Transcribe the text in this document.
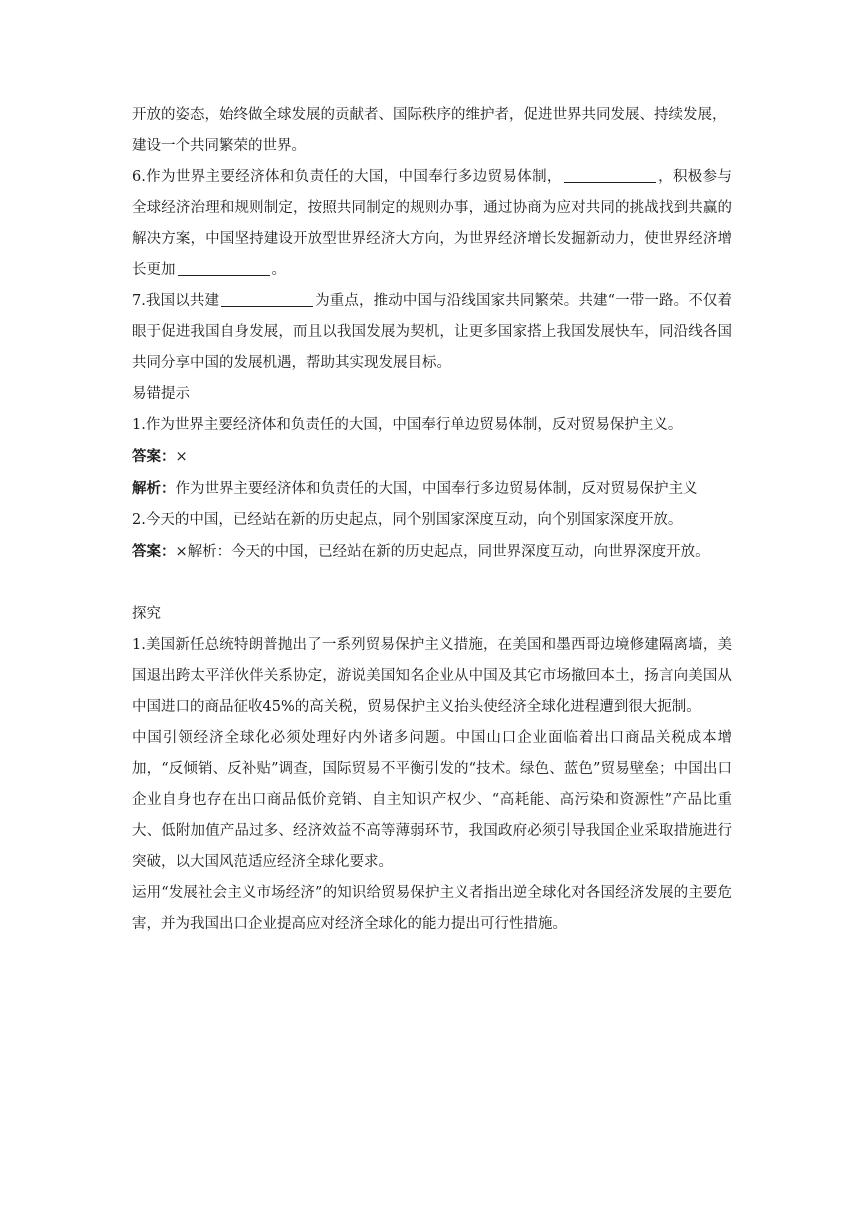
开放的姿态，始终做全球发展的贡献者、国际秩序的维护者，促进世界共同发展、持续发展，
建设一个共同繁荣的世界。

6.作为世界主要经济体和负责任的大国，中国奉行多边贸易体制，	，积极参与全球经济治理和规则制定，按照共同制定的规则办事，通过协商为应对共同的挑战找到共赢的解决方案，中国坚持建设开放型世界经济大方向，为世界经济增长发掘新动力，使世界经济增长更加	。

7.我国以共建	为重点，推动中国与沿线国家共同繁荣。共建“一带一路。不仅着眼于促进我国自身发展，而且以我国发展为契机，让更多国家搭上我国发展快车，同沿线各国共同分享中国的发展机遇，帮助其实现发展目标。

易错提示

1.作为世界主要经济体和负责任的大国，中国奉行单边贸易体制，反对贸易保护主义。

答案：×

解析：作为世界主要经济体和负责任的大国，中国奉行多边贸易体制，反对贸易保护主义

2.今天的中国，已经站在新的历史起点，同个别国家深度互动，向个别国家深度开放。

答案：×解析：今天的中国，已经站在新的历史起点，同世界深度互动，向世界深度开放。

探究

1.美国新任总统特朗普抛出了一系列贸易保护主义措施，在美国和墨西哥边境修建隔离墙，美国退出跨太平洋伙伴关系协定，游说美国知名企业从中国及其它市场撤回本土，扬言向美国从中国进口的商品征收45%的高关税，贸易保护主义抬头使经济全球化进程遭到很大扼制。

中国引领经济全球化必须处理好内外诸多问题。中国山口企业面临着出口商品关税成本增加，“反倾销、反补贴”调查，国际贸易不平衡引发的“技术。绿色、蓝色”贸易壁垒；中国出口企业自身也存在出口商品低价竞销、自主知识产权少、“高耗能、高污染和资源性”产品比重大、低附加值产品过多、经济效益不高等薄弱环节，我国政府必须引导我国企业采取措施进行突破，以大国风范适应经济全球化要求。

运用“发展社会主义市场经济”的知识给贸易保护主义者指出逆全球化对各国经济发展的主要危害，并为我国出口企业提高应对经济全球化的能力提出可行性措施。
